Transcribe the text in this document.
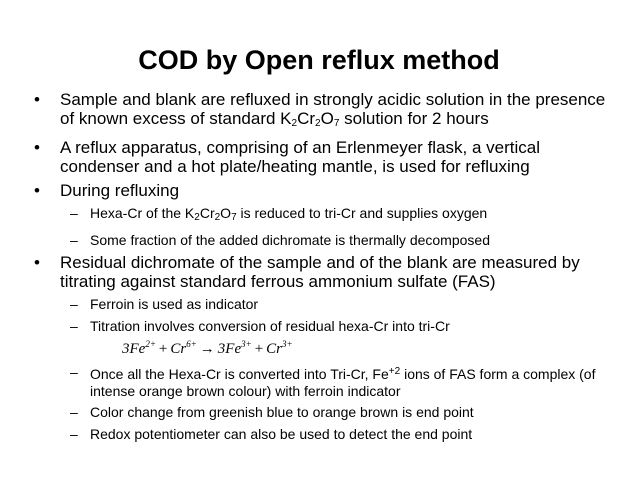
COD by Open reflux method
• Sample and blank are refluxed in strongly acidic solution in the presence of known excess of standard $K_2Cr_2O_7$ solution for 2 hours
• A reflux apparatus, comprising of an Erlenmeyer flask, a vertical condenser and a hot plate/heating mantle, is used for refluxing
• During refluxing
– Hexa-Cr of the $K_2Cr_2O_7$ is reduced to tri-Cr and supplies oxygen
– Some fraction of the added dichromate is thermally decomposed
• Residual dichromate of the sample and of the blank are measured by titrating against standard ferrous ammonium sulfate (FAS)
– Ferroin is used as indicator
– Titration involves conversion of residual hexa-Cr into tri-Cr
$3Fe^{2+} + Cr^{6+} \to 3Fe^{3+} + Cr^{3+}$
– Once all the Hexa-Cr is converted into Tri-Cr, $Fe^{+2}$ ions of FAS form a complex (of intense orange brown colour) with ferroin indicator
– Color change from greenish blue to orange brown is end point
– Redox potentiometer can also be used to detect the end point
